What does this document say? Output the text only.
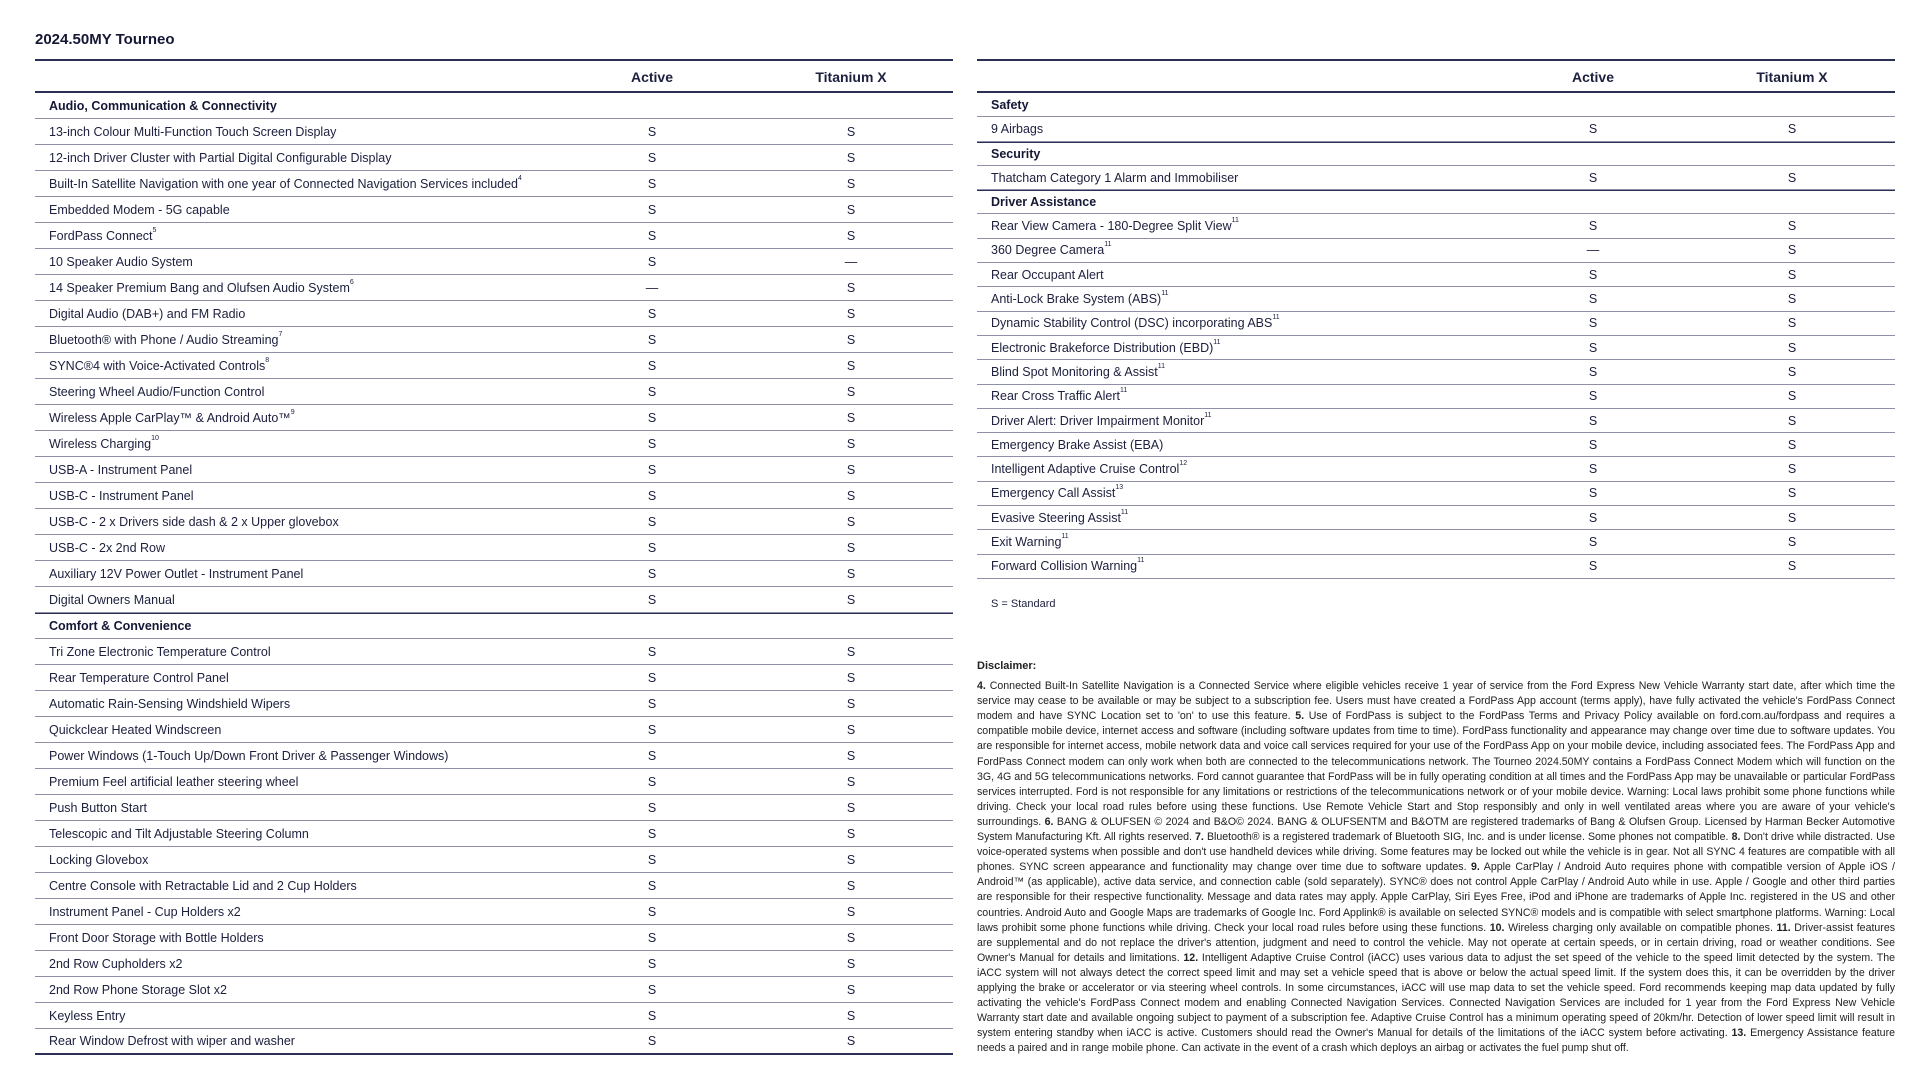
2024.50MY Tourneo
Active	Titanium X
Audio, Communication & Connectivity
13-inch Colour Multi-Function Touch Screen Display	S	S
12-inch Driver Cluster with Partial Digital Configurable Display	S	S
Built-In Satellite Navigation with one year of Connected Navigation Services included$^4$	S	S
Embedded Modem - 5G capable	S	S
FordPass Connect$^5$	S	S
10 Speaker Audio System	S	—
14 Speaker Premium Bang and Olufsen Audio System$^6$	—	S
Digital Audio (DAB+) and FM Radio	S	S
Bluetooth® with Phone / Audio Streaming$^7$	S	S
SYNC®4 with Voice-Activated Controls$^8$	S	S
Steering Wheel Audio/Function Control	S	S
Wireless Apple CarPlay™ & Android Auto™$^9$	S	S
Wireless Charging$^{10}$	S	S
USB-A - Instrument Panel	S	S
USB-C - Instrument Panel	S	S
USB-C - 2 x Drivers side dash & 2 x Upper glovebox	S	S
USB-C - 2x 2nd Row	S	S
Auxiliary 12V Power Outlet - Instrument Panel	S	S
Digital Owners Manual	S	S
Comfort & Convenience
Tri Zone Electronic Temperature Control	S	S
Rear Temperature Control Panel	S	S
Automatic Rain-Sensing Windshield Wipers	S	S
Quickclear Heated Windscreen	S	S
Power Windows (1-Touch Up/Down Front Driver & Passenger Windows)	S	S
Premium Feel artificial leather steering wheel	S	S
Push Button Start	S	S
Telescopic and Tilt Adjustable Steering Column	S	S
Locking Glovebox	S	S
Centre Console with Retractable Lid and 2 Cup Holders	S	S
Instrument Panel - Cup Holders x2	S	S
Front Door Storage with Bottle Holders	S	S
2nd Row Cupholders x2	S	S
2nd Row Phone Storage Slot x2	S	S
Keyless Entry	S	S
Rear Window Defrost with wiper and washer	S	S
Active	Titanium X
Safety
9 Airbags	S	S
Security
Thatcham Category 1 Alarm and Immobiliser	S	S
Driver Assistance
Rear View Camera - 180-Degree Split View$^{11}$	S	S
360 Degree Camera$^{11}$	—	S
Rear Occupant Alert	S	S
Anti-Lock Brake System (ABS)$^{11}$	S	S
Dynamic Stability Control (DSC) incorporating ABS$^{11}$	S	S
Electronic Brakeforce Distribution (EBD)$^{11}$	S	S
Blind Spot Monitoring & Assist$^{11}$	S	S
Rear Cross Traffic Alert$^{11}$	S	S
Driver Alert: Driver Impairment Monitor$^{11}$	S	S
Emergency Brake Assist (EBA)	S	S
Intelligent Adaptive Cruise Control$^{12}$	S	S
Emergency Call Assist$^{13}$	S	S
Evasive Steering Assist$^{11}$	S	S
Exit Warning$^{11}$	S	S
Forward Collision Warning$^{11}$	S	S
S = Standard
Disclaimer:
4. Connected Built-In Satellite Navigation is a Connected Service where eligible vehicles receive 1 year of service from the Ford Express New Vehicle Warranty start date, after which time the service may cease to be available or may be subject to a subscription fee. Users must have created a FordPass App account (terms apply), have fully activated the vehicle's FordPass Connect modem and have SYNC Location set to 'on' to use this feature. 5. Use of FordPass is subject to the FordPass Terms and Privacy Policy available on ford.com.au/fordpass and requires a compatible mobile device, internet access and software (including software updates from time to time). FordPass functionality and appearance may change over time due to software updates. You are responsible for internet access, mobile network data and voice call services required for your use of the FordPass App on your mobile device, including associated fees. The FordPass App and FordPass Connect modem can only work when both are connected to the telecommunications network. The Tourneo 2024.50MY contains a FordPass Connect Modem which will function on the 3G, 4G and 5G telecommunications networks. Ford cannot guarantee that FordPass will be in fully operating condition at all times and the FordPass App may be unavailable or particular FordPass services interrupted. Ford is not responsible for any limitations or restrictions of the telecommunications network or of your mobile device. Warning: Local laws prohibit some phone functions while driving. Check your local road rules before using these functions. Use Remote Vehicle Start and Stop responsibly and only in well ventilated areas where you are aware of your vehicle's surroundings. 6. BANG & OLUFSEN © 2024 and B&O© 2024. BANG & OLUFSENTM and B&OTM are registered trademarks of Bang & Olufsen Group. Licensed by Harman Becker Automotive System Manufacturing Kft. All rights reserved. 7. Bluetooth® is a registered trademark of Bluetooth SIG, Inc. and is under license. Some phones not compatible. 8. Don't drive while distracted. Use voice-operated systems when possible and don't use handheld devices while driving. Some features may be locked out while the vehicle is in gear. Not all SYNC 4 features are compatible with all phones. SYNC screen appearance and functionality may change over time due to software updates. 9. Apple CarPlay / Android Auto requires phone with compatible version of Apple iOS / Android™ (as applicable), active data service, and connection cable (sold separately). SYNC® does not control Apple CarPlay / Android Auto while in use. Apple / Google and other third parties are responsible for their respective functionality. Message and data rates may apply. Apple CarPlay, Siri Eyes Free, iPod and iPhone are trademarks of Apple Inc. registered in the US and other countries. Android Auto and Google Maps are trademarks of Google Inc. Ford Applink® is available on selected SYNC® models and is compatible with select smartphone platforms. Warning: Local laws prohibit some phone functions while driving. Check your local road rules before using these functions. 10. Wireless charging only available on compatible phones. 11. Driver-assist features are supplemental and do not replace the driver's attention, judgment and need to control the vehicle. May not operate at certain speeds, or in certain driving, road or weather conditions. See Owner's Manual for details and limitations. 12. Intelligent Adaptive Cruise Control (iACC) uses various data to adjust the set speed of the vehicle to the speed limit detected by the system. The iACC system will not always detect the correct speed limit and may set a vehicle speed that is above or below the actual speed limit. If the system does this, it can be overridden by the driver applying the brake or accelerator or via steering wheel controls. In some circumstances, iACC will use map data to set the vehicle speed. Ford recommends keeping map data updated by fully activating the vehicle's FordPass Connect modem and enabling Connected Navigation Services. Connected Navigation Services are included for 1 year from the Ford Express New Vehicle Warranty start date and available ongoing subject to payment of a subscription fee. Adaptive Cruise Control has a minimum operating speed of 20km/hr. Detection of lower speed limit will result in system entering standby when iACC is active. Customers should read the Owner's Manual for details of the limitations of the iACC system before activating. 13. Emergency Assistance feature needs a paired and in range mobile phone. Can activate in the event of a crash which deploys an airbag or activates the fuel pump shut off.
